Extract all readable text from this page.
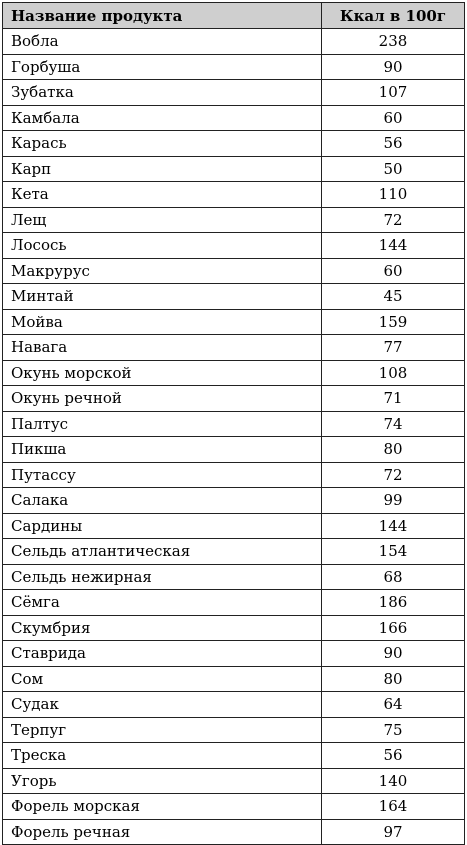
Название продукта	Ккал в 100г
Вобла	238
Горбуша	90
Зубатка	107
Камбала	60
Карась	56
Карп	50
Кета	110
Лещ	72
Лосось	144
Макрурус	60
Минтай	45
Мойва	159
Навага	77
Окунь морской	108
Окунь речной	71
Палтус	74
Пикша	80
Путассу	72
Салака	99
Сардины	144
Сельдь атлантическая	154
Сельдь нежирная	68
Сёмга	186
Скумбрия	166
Ставрида	90
Сом	80
Судак	64
Терпуг	75
Треска	56
Угорь	140
Форель морская	164
Форель речная	97
